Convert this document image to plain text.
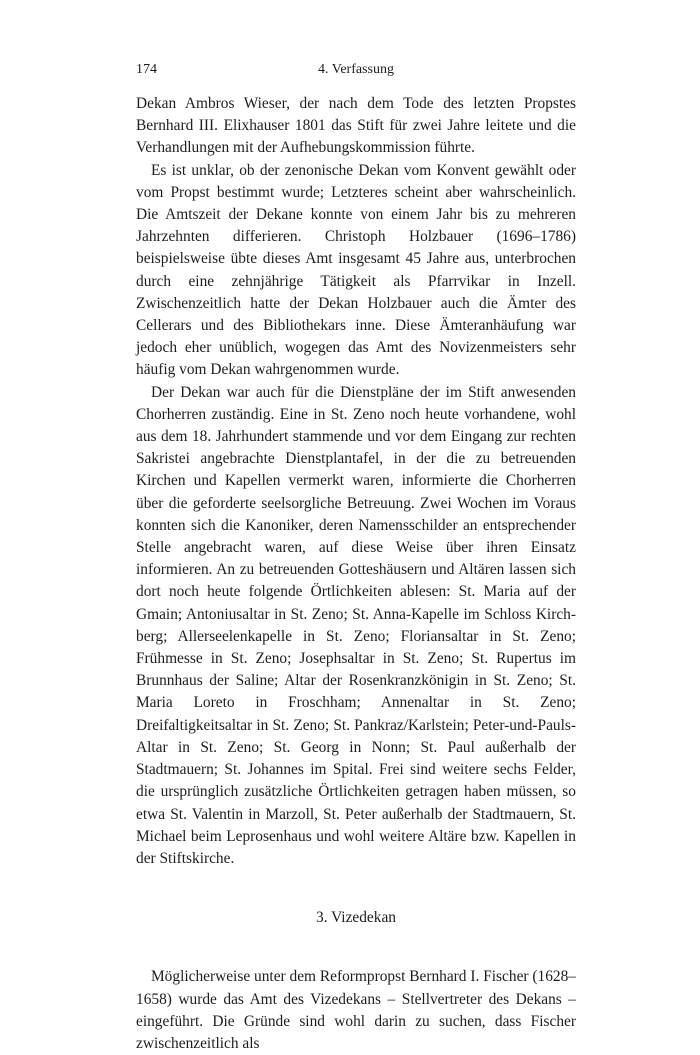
174	4. Verfassung

Dekan Ambros Wieser, der nach dem Tode des letzten Propstes Bernhard III. Elixhauser 1801 das Stift für zwei Jahre leitete und die Verhandlungen mit der Aufhebungskommission führte.

Es ist unklar, ob der zenonische Dekan vom Konvent gewählt oder vom Propst bestimmt wurde; Letzteres scheint aber wahrscheinlich. Die Amtszeit der Dekane konnte von einem Jahr bis zu mehreren Jahrzehnten differieren. Christoph Holzbauer (1696–1786) beispielsweise übte dieses Amt insgesamt 45 Jahre aus, unterbrochen durch eine zehnjährige Tätigkeit als Pfarrvikar in Inzell. Zwischenzeitlich hatte der Dekan Holzbauer auch die Ämter des Cellerars und des Bibliothekars inne. Diese Ämteranhäufung war jedoch eher unüblich, wogegen das Amt des Novizenmeisters sehr häufig vom Dekan wahrgenommen wurde.

Der Dekan war auch für die Dienstpläne der im Stift anwesenden Chorherren zuständig. Eine in St. Zeno noch heute vorhandene, wohl aus dem 18. Jahrhundert stammende und vor dem Eingang zur rechten Sakristei angebrachte Dienstplantafel, in der die zu betreuenden Kirchen und Kapellen vermerkt waren, informierte die Chorherren über die geforderte seelsorgliche Betreuung. Zwei Wochen im Voraus konnten sich die Kanoniker, deren Namensschilder an entsprechender Stelle angebracht waren, auf diese Weise über ihren Einsatz informieren. An zu betreuenden Gotteshäusern und Altären lassen sich dort noch heute folgende Örtlichkeiten ablesen: St. Maria auf der Gmain; Antoniusaltar in St. Zeno; St. Anna-Kapelle im Schloss Kirchberg; Allerseelenkapelle in St. Zeno; Floriansaltar in St. Zeno; Frühmesse in St. Zeno; Josephsaltar in St. Zeno; St. Rupertus im Brunnhaus der Saline; Altar der Rosenkranzkönigin in St. Zeno; St. Maria Loreto in Froschham; Annenaltar in St. Zeno; Dreifaltigkeitsaltar in St. Zeno; St. Pankraz/Karlstein; Peter-und-Pauls-Altar in St. Zeno; St. Georg in Nonn; St. Paul außerhalb der Stadtmauern; St. Johannes im Spital. Frei sind weitere sechs Felder, die ursprünglich zusätzliche Örtlichkeiten getragen haben müssen, so etwa St. Valentin in Marzoll, St. Peter außerhalb der Stadtmauern, St. Michael beim Leprosenhaus und wohl weitere Altäre bzw. Kapellen in der Stiftskirche.

3. Vizedekan

Möglicherweise unter dem Reformpropst Bernhard I. Fischer (1628–1658) wurde das Amt des Vizedekans – Stellvertreter des Dekans – eingeführt. Die Gründe sind wohl darin zu suchen, dass Fischer zwischenzeitlich als
